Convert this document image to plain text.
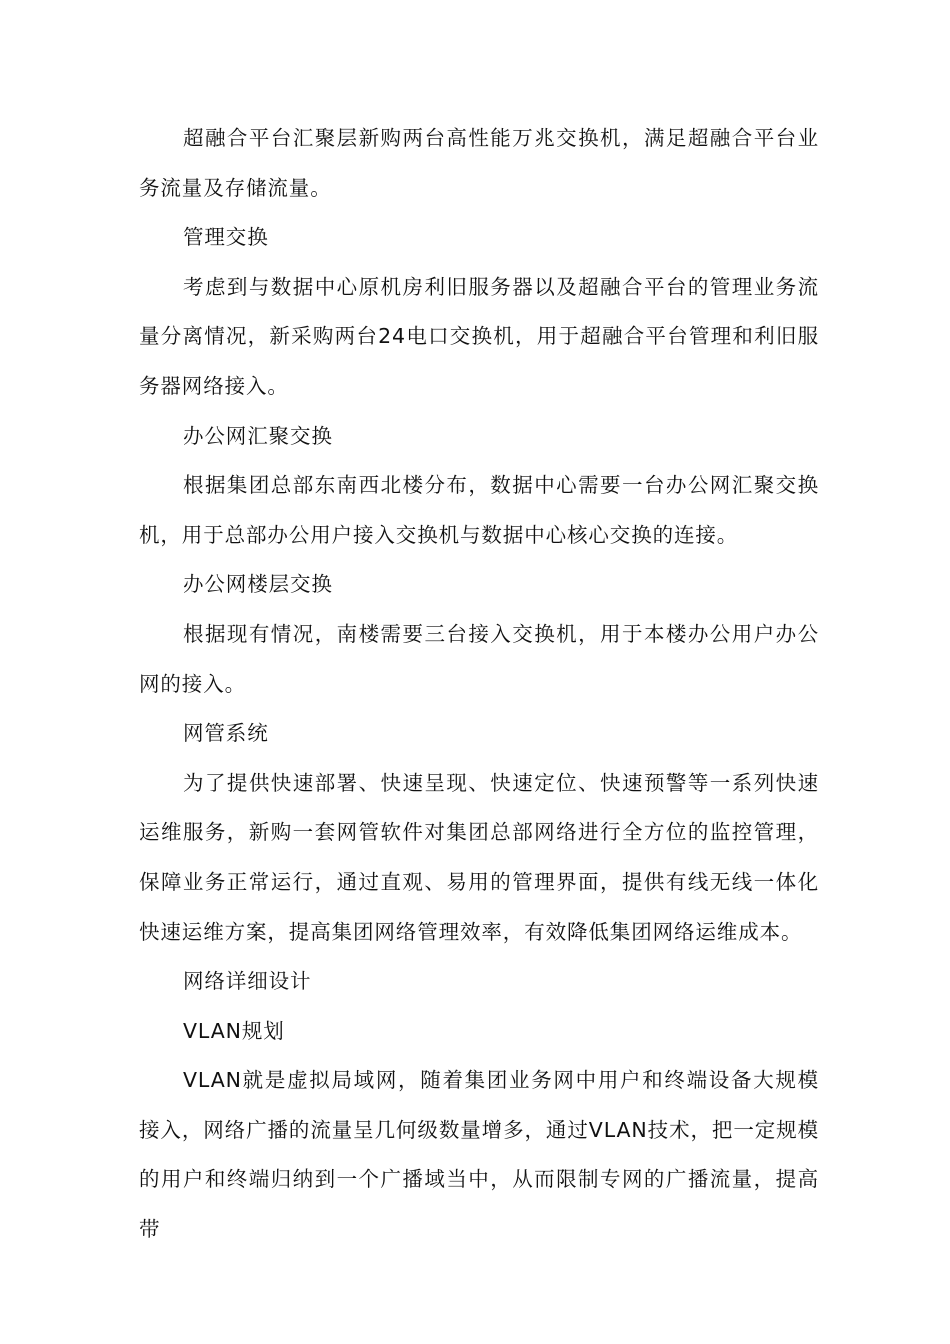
超融合平台汇聚层新购两台高性能万兆交换机，满足超融合平台业务流量及存储流量。

管理交换

考虑到与数据中心原机房利旧服务器以及超融合平台的管理业务流量分离情况，新采购两台24电口交换机，用于超融合平台管理和利旧服务器网络接入。

办公网汇聚交换

根据集团总部东南西北楼分布，数据中心需要一台办公网汇聚交换机，用于总部办公用户接入交换机与数据中心核心交换的连接。

办公网楼层交换

根据现有情况，南楼需要三台接入交换机，用于本楼办公用户办公网的接入。

网管系统

为了提供快速部署、快速呈现、快速定位、快速预警等一系列快速运维服务，新购一套网管软件对集团总部网络进行全方位的监控管理，保障业务正常运行，通过直观、易用的管理界面，提供有线无线一体化快速运维方案，提高集团网络管理效率，有效降低集团网络运维成本。

网络详细设计

VLAN规划

VLAN就是虚拟局域网，随着集团业务网中用户和终端设备大规模接入，网络广播的流量呈几何级数量增多，通过VLAN技术，把一定规模的用户和终端归纳到一个广播域当中，从而限制专网的广播流量，提高带
